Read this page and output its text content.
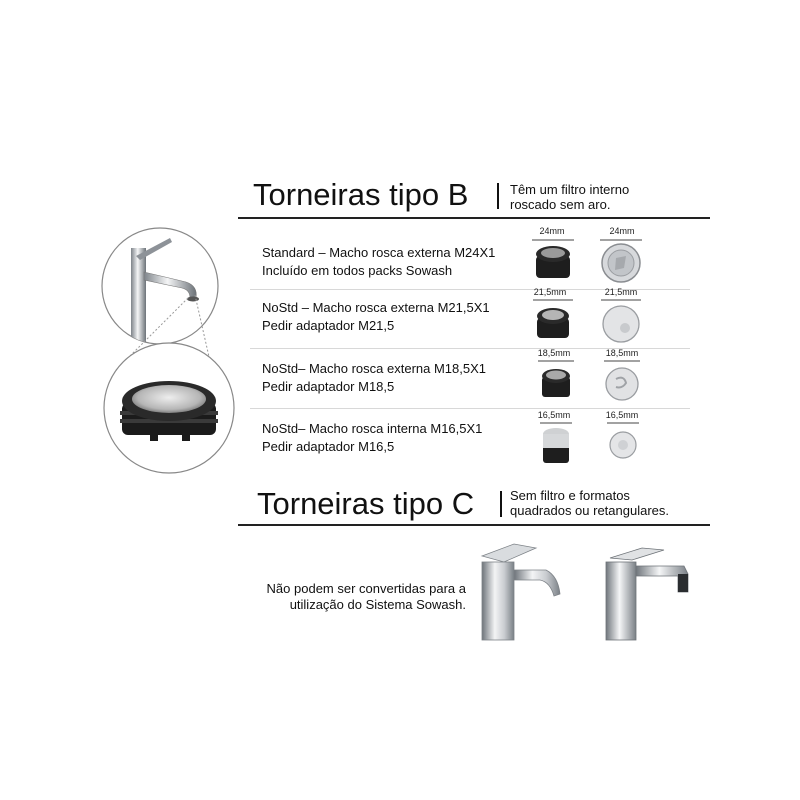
Torneiras tipo B	Têm um filtro interno
roscado sem aro.
Standard – Macho rosca externa M24X1
Incluído em todos packs Sowash
24mm	24mm
NoStd – Macho rosca externa M21,5X1
Pedir adaptador M21,5
21,5mm	21,5mm
NoStd– Macho rosca externa M18,5X1
Pedir adaptador M18,5
18,5mm	18,5mm
NoStd– Macho rosca interna M16,5X1
Pedir adaptador M16,5
16,5mm	16,5mm
Torneiras tipo C	Sem filtro e formatos
quadrados ou retangulares.
Não podem ser convertidas para a
utilização do Sistema Sowash.
